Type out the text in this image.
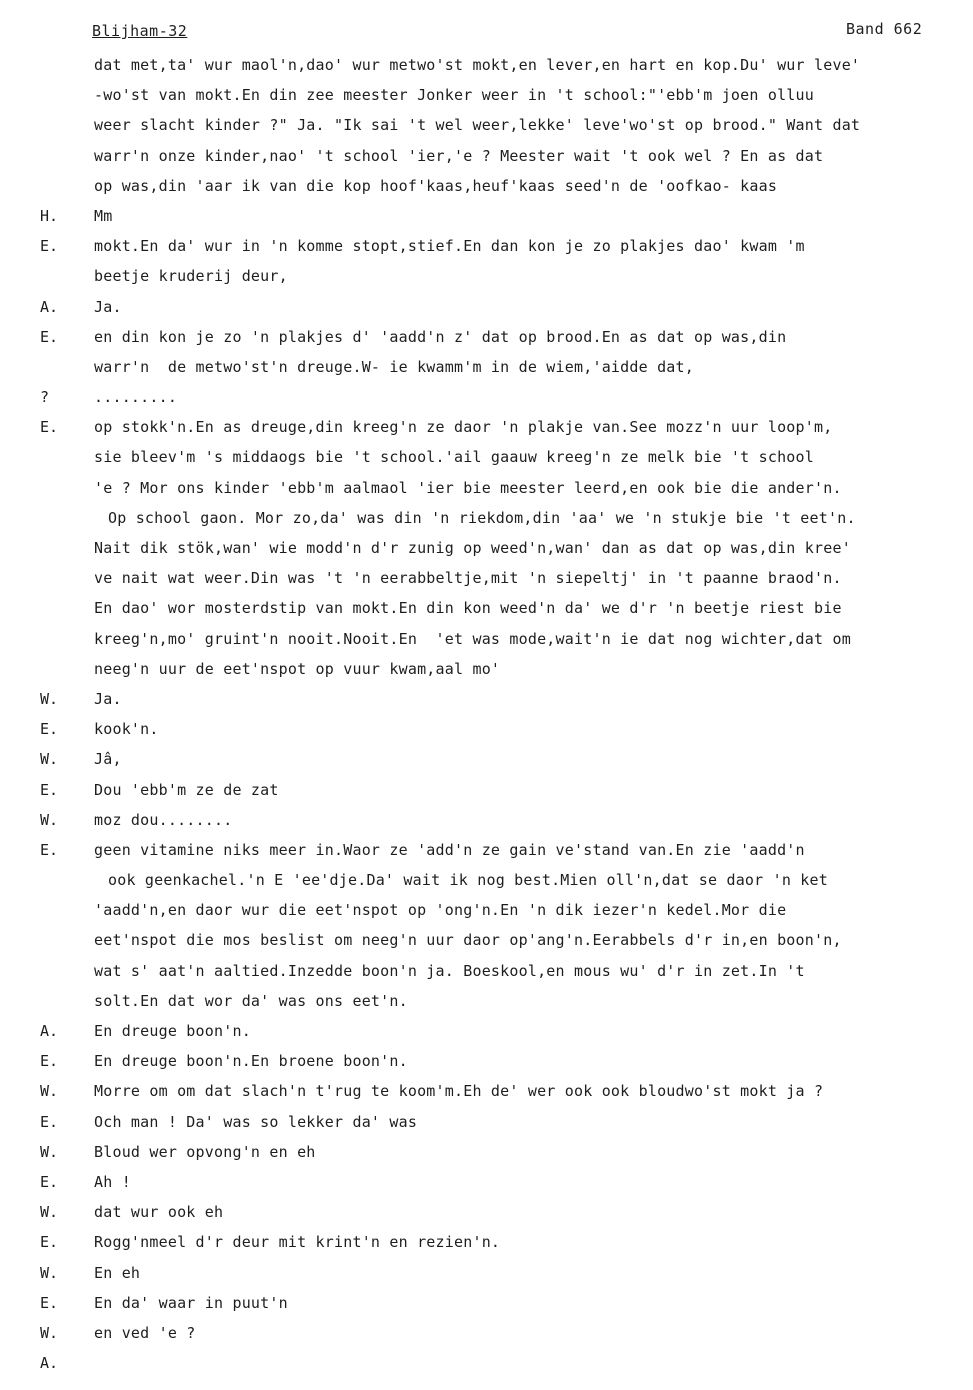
Blijham-32	Band 662
dat met,ta' wur maol'n,dao' wur metwo'st mokt,en lever,en hart en kop.Du' wur leve'
-wo'st van mokt.En din zee meester Jonker weer in 't school:"'ebb'm joen olluu
weer slacht kinder ?" Ja. "Ik sai 't wel weer,lekke' leve'wo'st op brood." Want dat
warr'n onze kinder,nao' 't school 'ier,'e ? Meester wait 't ook wel ? En as dat
op was,din 'aar ik van die kop hoof'kaas,heuf'kaas seed'n de 'oofkao- kaas
H.	Mm
E.	mokt.En da' wur in 'n komme stopt,stief.En dan kon je zo plakjes dao' kwam 'm
beetje kruderij deur,
A.	Ja.
E.	en din kon je zo 'n plakjes d' 'aadd'n z' dat op brood.En as dat op was,din
warr'n  de metwo'st'n dreuge.W- ie kwamm'm in de wiem,'aidde dat,
?	.........
E.	op stokk'n.En as dreuge,din kreeg'n ze daor 'n plakje van.See mozz'n uur loop'm,
sie bleev'm 's middaogs bie 't school.'ail gaauw kreeg'n ze melk bie 't school
'e ? Mor ons kinder 'ebb'm aalmaol 'ier bie meester leerd,en ook bie die ander'n.
Op school gaon. Mor zo,da' was din 'n riekdom,din 'aa' we 'n stukje bie 't eet'n.
Nait dik stök,wan' wie modd'n d'r zunig op weed'n,wan' dan as dat op was,din kree'
ve nait wat weer.Din was 't 'n eerabbeltje,mit 'n siepeltj' in 't paanne braod'n.
En dao' wor mosterdstip van mokt.En din kon weed'n da' we d'r 'n beetje riest bie
kreeg'n,mo' gruint'n nooit.Nooit.En  'et was mode,wait'n ie dat nog wichter,dat om
neeg'n uur de eet'nspot op vuur kwam,aal mo'
W.	Ja.
E.	kook'n.
W.	Jâ,
E.	Dou 'ebb'm ze de zat
W.	moz dou........
E.	geen vitamine niks meer in.Waor ze 'add'n ze gain ve'stand van.En zie 'aadd'n
ook geenkachel.'n E 'ee'dje.Da' wait ik nog best.Mien oll'n,dat se daor 'n ket
'aadd'n,en daor wur die eet'nspot op 'ong'n.En 'n dik iezer'n kedel.Mor die
eet'nspot die mos beslist om neeg'n uur daor op'ang'n.Eerabbels d'r in,en boon'n,
wat s' aat'n aaltied.Inzedde boon'n ja. Boeskool,en mous wu' d'r in zet.In 't
solt.En dat wor da' was ons eet'n.
A.	En dreuge boon'n.
E.	En dreuge boon'n.En broene boon'n.
W.	Morre om om dat slach'n t'rug te koom'm.Eh de' wer ook ook bloudwo'st mokt ja ?
E.	Och man ! Da' was so lekker da' was
W.	Bloud wer opvong'n en eh
E.	Ah !
W.	dat wur ook eh
E.	Rogg'nmeel d'r deur mit krint'n en rezien'n.
W.	En eh
E.	En da' waar in puut'n
W.	en ved 'e ?
A.
